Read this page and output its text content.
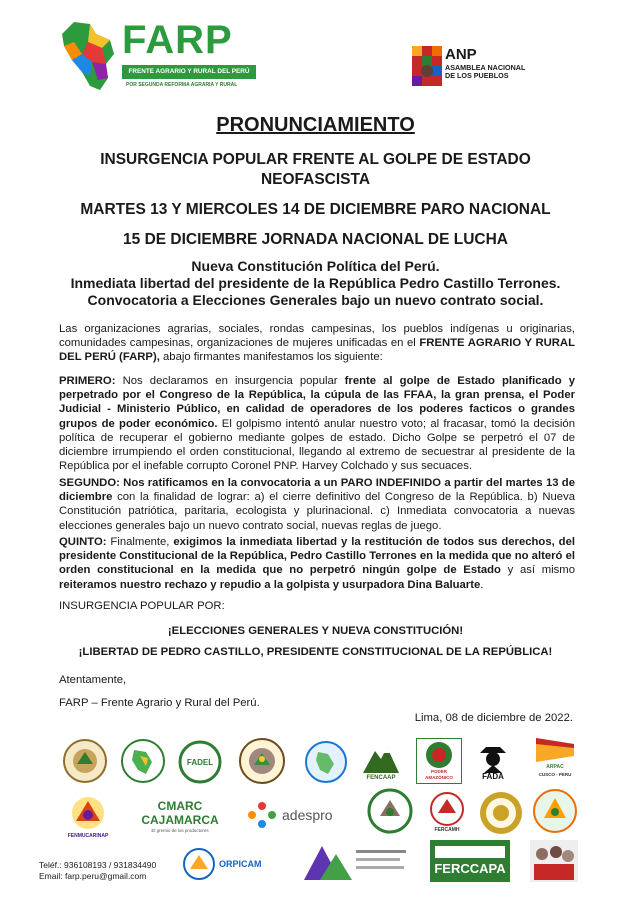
FARP
FRENTE AGRARIO Y RURAL DEL PERÚ
POR SEGUNDA REFORMA AGRARIA Y RURAL
ANP
ASAMBLEA NACIONAL DE LOS PUEBLOS
PRONUNCIAMIENTO
INSURGENCIA POPULAR FRENTE AL GOLPE DE ESTADO NEOFASCISTA
MARTES 13 Y MIERCOLES 14 DE DICIEMBRE PARO NACIONAL
15 DE DICIEMBRE JORNADA NACIONAL DE LUCHA
Nueva Constitución Política del Perú.
Inmediata libertad del presidente de la República Pedro Castillo Terrones.
Convocatoria a Elecciones Generales bajo un nuevo contrato social.

Las organizaciones agrarias, sociales, rondas campesinas, los pueblos indígenas u originarias, comunidades campesinas, organizaciones de mujeres unificadas en el FRENTE AGRARIO Y RURAL DEL PERÚ (FARP), abajo firmantes manifestamos los siguiente:

PRIMERO: Nos declaramos en insurgencia popular frente al golpe de Estado planificado y perpetrado por el Congreso de la República, la cúpula de las FFAA, la gran prensa, el Poder Judicial - Ministerio Público, en calidad de operadores de los poderes facticos o grandes grupos de poder económico. El golpismo intentó anular nuestro voto; al fracasar, tomó la decisión política de recuperar el gobierno mediante golpes de estado. Dicho Golpe se perpetró el 07 de diciembre irrumpiendo el orden constitucional, llegando al extremo de secuestrar al presidente de la República por el inefable corrupto Coronel PNP. Harvey Colchado y sus secuaces.

SEGUNDO: Nos ratificamos en la convocatoria a un PARO INDEFINIDO a partir del martes 13 de diciembre con la finalidad de lograr: a) el cierre definitivo del Congreso de la República. b) Nueva Constitución patriótica, paritaria, ecologista y plurinacional. c) Inmediata convocatoria a nuevas elecciones generales bajo un nuevo contrato social, nuevas reglas de juego.

QUINTO: Finalmente, exigimos la inmediata libertad y la restitución de todos sus derechos, del presidente Constitucional de la República, Pedro Castillo Terrones en la medida que no alteró el orden constitucional en la medida que no perpetró ningún golpe de Estado y así mismo reiteramos nuestro rechazo y repudio a la golpista y usurpadora Dina Baluarte.

INSURGENCIA POPULAR POR:

¡ELECCIONES GENERALES Y NUEVA CONSTITUCIÓN!

¡LIBERTAD DE PEDRO CASTILLO, PRESIDENTE CONSTITUCIONAL DE LA REPÚBLICA!

Atentamente,

FARP – Frente Agrario y Rural del Perú.

Lima, 08 de diciembre de 2022.

FADEL
FENCAAP
PODER AMAZÓNICO	FADA
ARPAC
CUSCO - PERU
FENMUCARINAP
CMARC CAJAMARCA
El gremio de los productores
adespro
FERCAMH
ORPICAM	FERCCAPA
Teléf.: 936108193 / 931834490
Email: farp.peru@gmail.com
